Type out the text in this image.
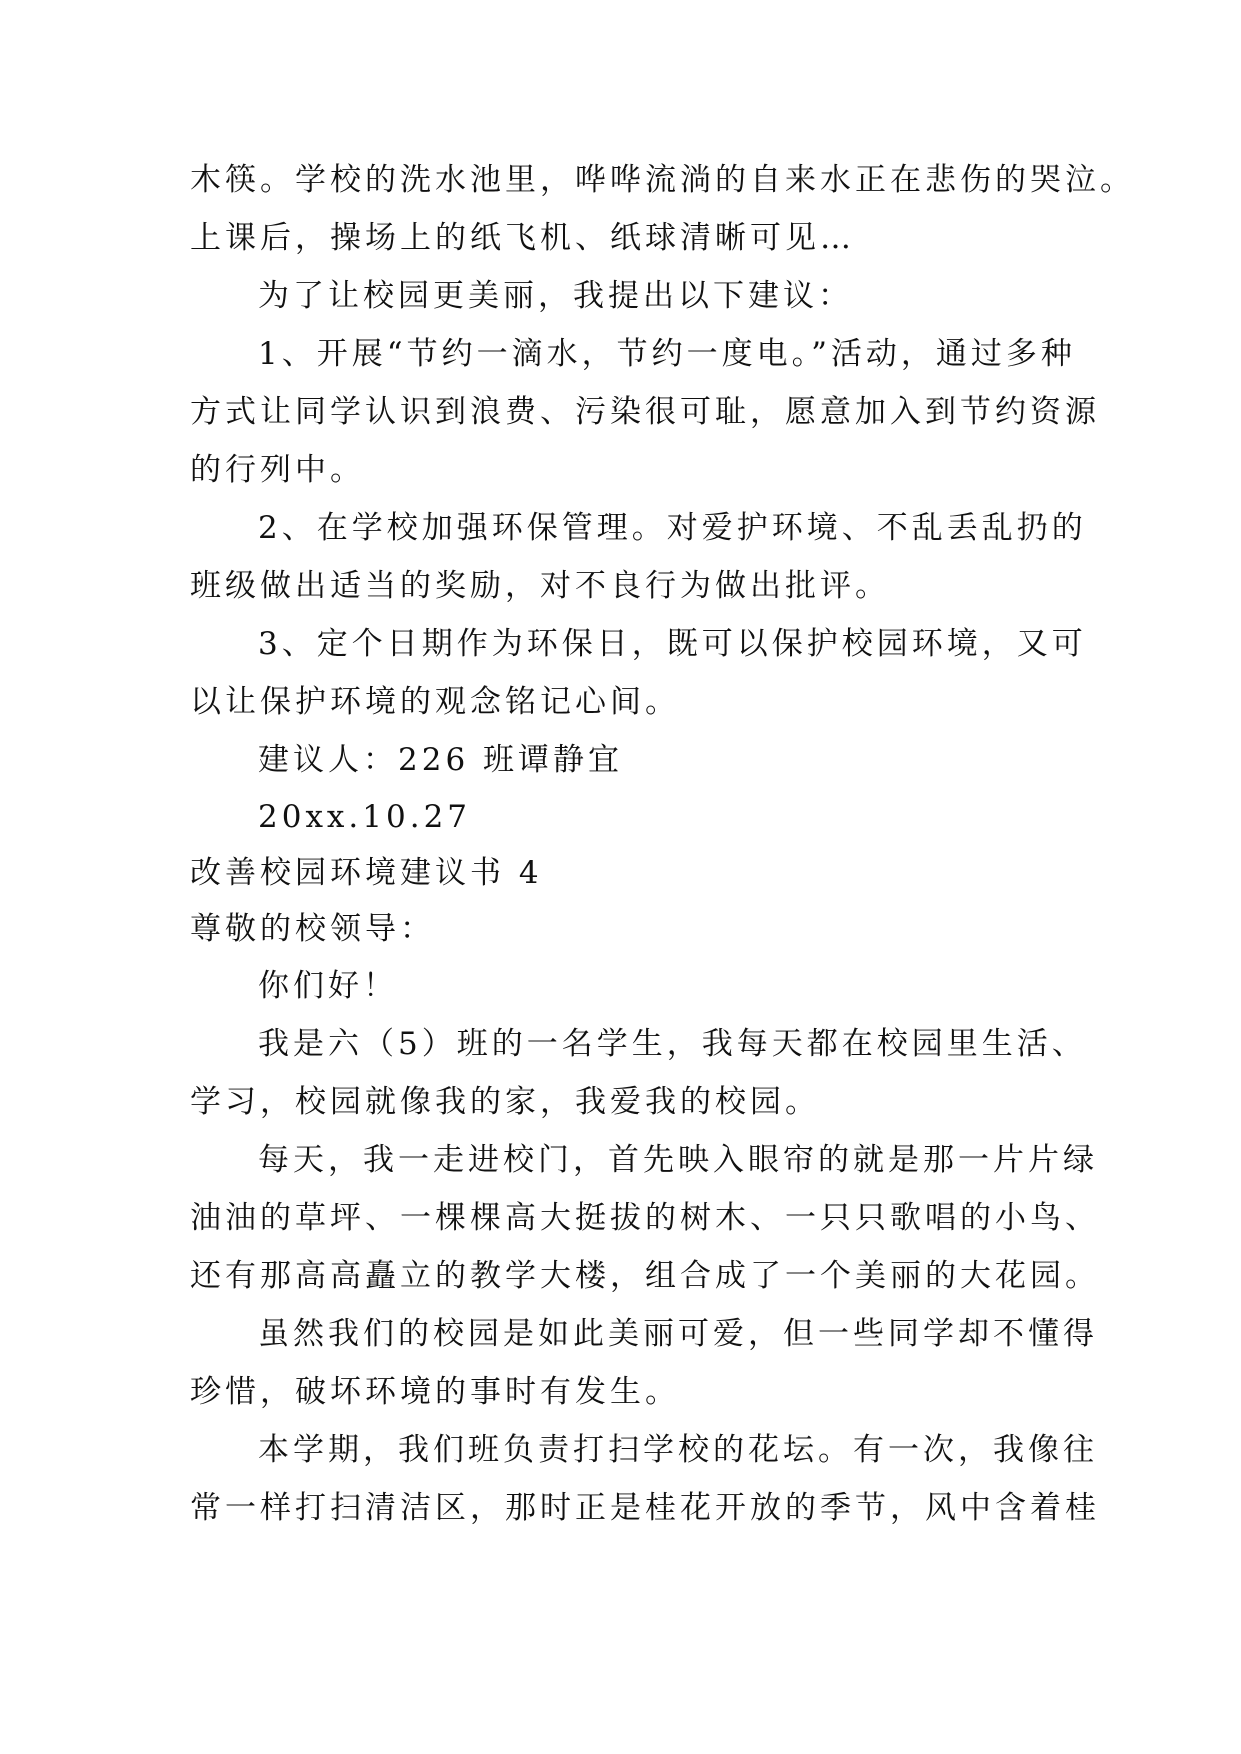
木筷。学校的洗水池里，哗哗流淌的自来水正在悲伤的哭泣。
上课后，操场上的纸飞机、纸球清晰可见…
为了让校园更美丽，我提出以下建议：
1、开展“节约一滴水，节约一度电。”活动，通过多种
方式让同学认识到浪费、污染很可耻，愿意加入到节约资源
的行列中。
2、在学校加强环保管理。对爱护环境、不乱丢乱扔的
班级做出适当的奖励，对不良行为做出批评。
3、定个日期作为环保日，既可以保护校园环境，又可
以让保护环境的观念铭记心间。
建议人：226 班谭静宜
20xx.10.27
改善校园环境建议书 4
尊敬的校领导：
你们好！
我是六（5）班的一名学生，我每天都在校园里生活、
学习，校园就像我的家，我爱我的校园。
每天，我一走进校门，首先映入眼帘的就是那一片片绿
油油的草坪、一棵棵高大挺拔的树木、一只只歌唱的小鸟、
还有那高高矗立的教学大楼，组合成了一个美丽的大花园。
虽然我们的校园是如此美丽可爱，但一些同学却不懂得
珍惜，破坏环境的事时有发生。
本学期，我们班负责打扫学校的花坛。有一次，我像往
常一样打扫清洁区，那时正是桂花开放的季节，风中含着桂
